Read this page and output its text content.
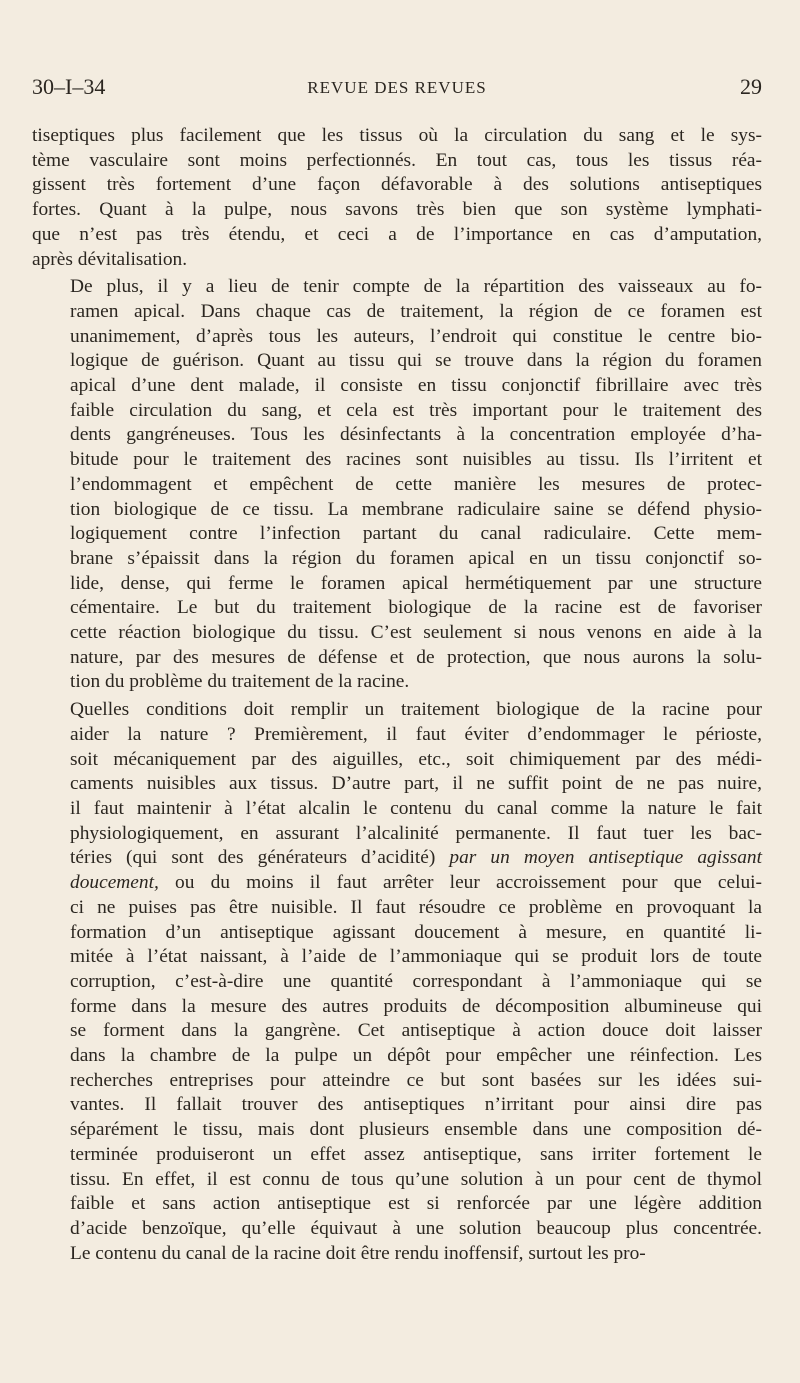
30–I–34	REVUE DES REVUES	29

tiseptiques plus facilement que les tissus où la circulation du sang et le sys-
tème vasculaire sont moins perfectionnés. En tout cas, tous les tissus réa-
gissent très fortement d’une façon défavorable à des solutions antiseptiques
fortes. Quant à la pulpe, nous savons très bien que son système lymphati-
que n’est pas très étendu, et ceci a de l’importance en cas d’amputation,
après dévitalisation.

De plus, il y a lieu de tenir compte de la répartition des vaisseaux au fo-
ramen apical. Dans chaque cas de traitement, la région de ce foramen est
unanimement, d’après tous les auteurs, l’endroit qui constitue le centre bio-
logique de guérison. Quant au tissu qui se trouve dans la région du foramen
apical d’une dent malade, il consiste en tissu conjonctif fibrillaire avec très
faible circulation du sang, et cela est très important pour le traitement des
dents gangréneuses. Tous les désinfectants à la concentration employée d’ha-
bitude pour le traitement des racines sont nuisibles au tissu. Ils l’irritent et
l’endommagent et empêchent de cette manière les mesures de protec-
tion biologique de ce tissu. La membrane radiculaire saine se défend physio-
logiquement contre l’infection partant du canal radiculaire. Cette mem-
brane s’épaissit dans la région du foramen apical en un tissu conjonctif so-
lide, dense, qui ferme le foramen apical hermétiquement par une structure
cémentaire. Le but du traitement biologique de la racine est de favoriser
cette réaction biologique du tissu. C’est seulement si nous venons en aide à la
nature, par des mesures de défense et de protection, que nous aurons la solu-
tion du problème du traitement de la racine.

Quelles conditions doit remplir un traitement biologique de la racine pour
aider la nature ? Premièrement, il faut éviter d’endommager le périoste,
soit mécaniquement par des aiguilles, etc., soit chimiquement par des médi-
caments nuisibles aux tissus. D’autre part, il ne suffit point de ne pas nuire,
il faut maintenir à l’état alcalin le contenu du canal comme la nature le fait
physiologiquement, en assurant l’alcalinité permanente. Il faut tuer les bac-
téries (qui sont des générateurs d’acidité) par un moyen antiseptique agissant
doucement, ou du moins il faut arrêter leur accroissement pour que celui-
ci ne puises pas être nuisible. Il faut résoudre ce problème en provoquant la
formation d’un antiseptique agissant doucement à mesure, en quantité li-
mitée à l’état naissant, à l’aide de l’ammoniaque qui se produit lors de toute
corruption, c’est-à-dire une quantité correspondant à l’ammoniaque qui se
forme dans la mesure des autres produits de décomposition albumineuse qui
se forment dans la gangrène. Cet antiseptique à action douce doit laisser
dans la chambre de la pulpe un dépôt pour empêcher une réinfection. Les
recherches entreprises pour atteindre ce but sont basées sur les idées sui-
vantes. Il fallait trouver des antiseptiques n’irritant pour ainsi dire pas
séparément le tissu, mais dont plusieurs ensemble dans une composition dé-
terminée produiseront un effet assez antiseptique, sans irriter fortement le
tissu. En effet, il est connu de tous qu’une solution à un pour cent de thymol
faible et sans action antiseptique est si renforcée par une légère addition
d’acide benzoïque, qu’elle équivaut à une solution beaucoup plus concentrée.
Le contenu du canal de la racine doit être rendu inoffensif, surtout les pro-
